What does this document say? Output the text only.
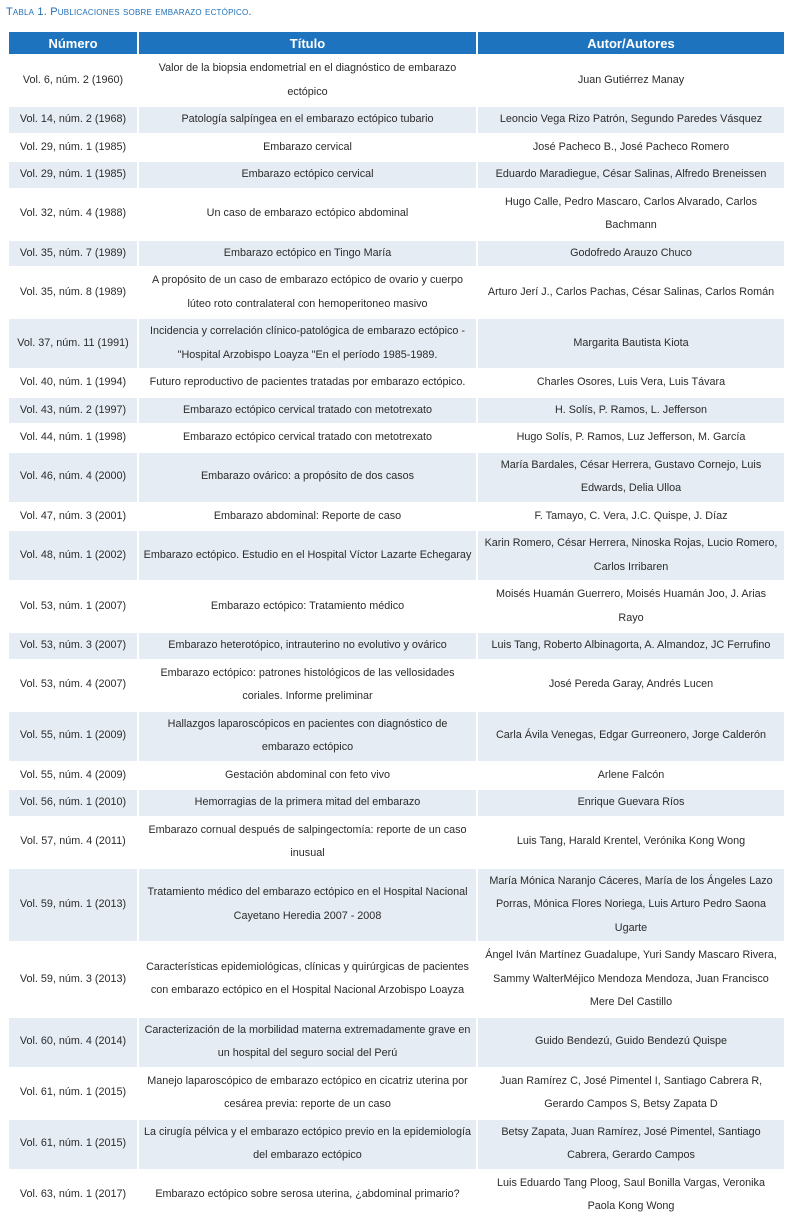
Tabla 1. Publicaciones sobre embarazo ectópico.
Número	Título	Autor/Autores
Vol. 6, núm. 2 (1960)	Valor de la biopsia endometrial en el diagnóstico de embarazo ectópico	Juan Gutiérrez Manay
Vol. 14, núm. 2 (1968)	Patología salpíngea en el embarazo ectópico tubario	Leoncio Vega Rizo Patrón, Segundo Paredes Vásquez
Vol. 29, núm. 1 (1985)	Embarazo cervical	José Pacheco B., José Pacheco Romero
Vol. 29, núm. 1 (1985)	Embarazo ectópico cervical	Eduardo Maradiegue, César Salinas, Alfredo Breneissen
Vol. 32, núm. 4 (1988)	Un caso de embarazo ectópico abdominal	Hugo Calle, Pedro Mascaro, Carlos Alvarado, Carlos Bachmann
Vol. 35, núm. 7 (1989)	Embarazo ectópico en Tingo María	Godofredo Arauzo Chuco
Vol. 35, núm. 8 (1989)	A propósito de un caso de embarazo ectópico de ovario y cuerpo lúteo roto contralateral con hemoperitoneo masivo	Arturo Jerí J., Carlos Pachas, César Salinas, Carlos Román
Vol. 37, núm. 11 (1991)	Incidencia y correlación clínico-patológica de embarazo ectópico - "Hospital Arzobispo Loayza "En el período 1985-1989.	Margarita Bautista Kiota
Vol. 40, núm. 1 (1994)	Futuro reproductivo de pacientes tratadas por embarazo ectópico.	Charles Osores, Luis Vera, Luis Távara
Vol. 43, núm. 2 (1997)	Embarazo ectópico cervical tratado con metotrexato	H. Solís, P. Ramos, L. Jefferson
Vol. 44, núm. 1 (1998)	Embarazo ectópico cervical tratado con metotrexato	Hugo Solís, P. Ramos, Luz Jefferson, M. García
Vol. 46, núm. 4 (2000)	Embarazo ovárico: a propósito de dos casos	María Bardales, César Herrera, Gustavo Cornejo, Luis Edwards, Delia Ulloa
Vol. 47, núm. 3 (2001)	Embarazo abdominal: Reporte de caso	F. Tamayo, C. Vera, J.C. Quispe, J. Díaz
Vol. 48, núm. 1 (2002)	Embarazo ectópico. Estudio en el Hospital Víctor Lazarte Echegaray	Karin Romero, César Herrera, Ninoska Rojas, Lucio Romero, Carlos Irribaren
Vol. 53, núm. 1 (2007)	Embarazo ectópico: Tratamiento médico	Moisés Huamán Guerrero, Moisés Huamán Joo, J. Arias Rayo
Vol. 53, núm. 3 (2007)	Embarazo heterotópico, intrauterino no evolutivo y ovárico	Luis Tang, Roberto Albinagorta, A. Almandoz, JC Ferrufino
Vol. 53, núm. 4 (2007)	Embarazo ectópico: patrones histológicos de las vellosidades coriales. Informe preliminar	José Pereda Garay, Andrés Lucen
Vol. 55, núm. 1 (2009)	Hallazgos laparoscópicos en pacientes con diagnóstico de embarazo ectópico	Carla Ávila Venegas, Edgar Gurreonero, Jorge Calderón
Vol. 55, núm. 4 (2009)	Gestación abdominal con feto vivo	Arlene Falcón
Vol. 56, núm. 1 (2010)	Hemorragias de la primera mitad del embarazo	Enrique Guevara Ríos
Vol. 57, núm. 4 (2011)	Embarazo cornual después de salpingectomía: reporte de un caso inusual	Luis Tang, Harald Krentel, Verónika Kong Wong
Vol. 59, núm. 1 (2013)	Tratamiento médico del embarazo ectópico en el Hospital Nacional Cayetano Heredia 2007 - 2008	María Mónica Naranjo Cáceres, María de los Ángeles Lazo Porras, Mónica Flores Noriega, Luis Arturo Pedro Saona Ugarte
Vol. 59, núm. 3 (2013)	Características epidemiológicas, clínicas y quirúrgicas de pacientes con embarazo ectópico en el Hospital Nacional Arzobispo Loayza	Ángel Iván Martínez Guadalupe, Yuri Sandy Mascaro Rivera, Sammy WalterMéjico Mendoza Mendoza, Juan Francisco Mere Del Castillo
Vol. 60, núm. 4 (2014)	Caracterización de la morbilidad materna extremadamente grave en un hospital del seguro social del Perú	Guido Bendezú, Guido Bendezú Quispe
Vol. 61, núm. 1 (2015)	Manejo laparoscópico de embarazo ectópico en cicatriz uterina por cesárea previa: reporte de un caso	Juan Ramírez C, José Pimentel I, Santiago Cabrera R, Gerardo Campos S, Betsy Zapata D
Vol. 61, núm. 1 (2015)	La cirugía pélvica y el embarazo ectópico previo en la epidemiología del embarazo ectópico	Betsy Zapata, Juan Ramírez, José Pimentel, Santiago Cabrera, Gerardo Campos
Vol. 63, núm. 1 (2017)	Embarazo ectópico sobre serosa uterina, ¿abdominal primario?	Luis Eduardo Tang Ploog, Saul Bonilla Vargas, Veronika Paola Kong Wong
